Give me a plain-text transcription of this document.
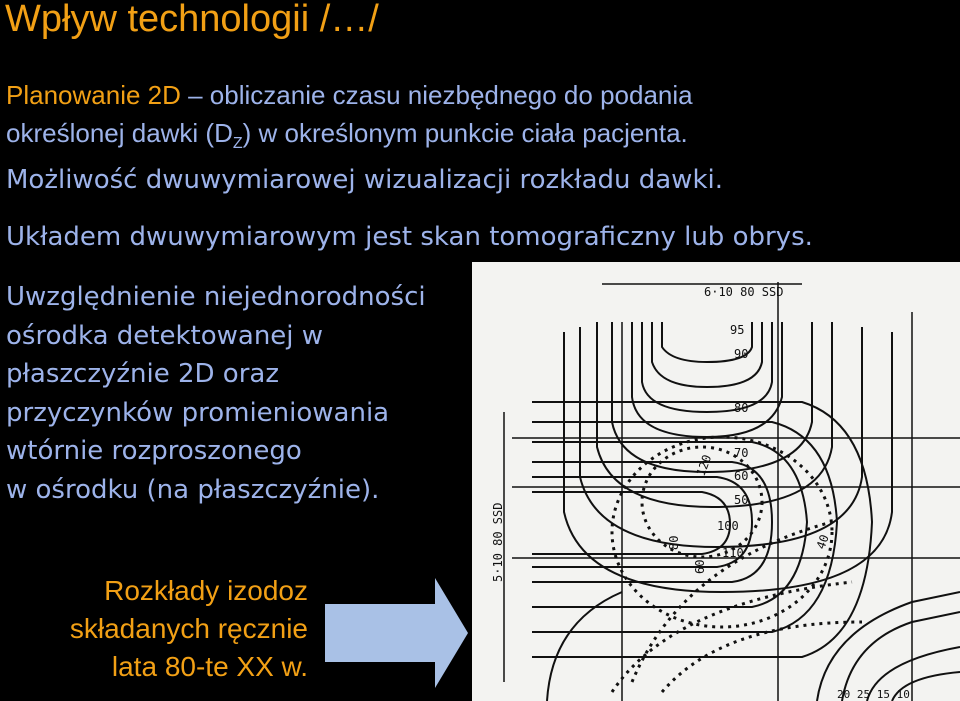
Wpływ technologii /…/
Planowanie 2D – obliczanie czasu niezbędnego do podania
określonej dawki $(D_Z)$ w określonym punkcie ciała pacjenta.
Możliwość dwuwymiarowej wizualizacji rozkładu dawki.
Układem dwuwymiarowym jest skan tomograficzny lub obrys.
Uwzględnienie niejednorodności
ośrodka detektowanej w
płaszczyźnie 2D oraz
przyczynków promieniowania
wtórnie rozproszonego
w ośrodku (na płaszczyźnie).
Rozkłady izodoz
składanych ręcznie
lata 80-te XX w.
6·10 80 SSD
95
90
80
70
60
50
100
110
120
80
60
40
5·10 80 SSD
20 25 15 10
